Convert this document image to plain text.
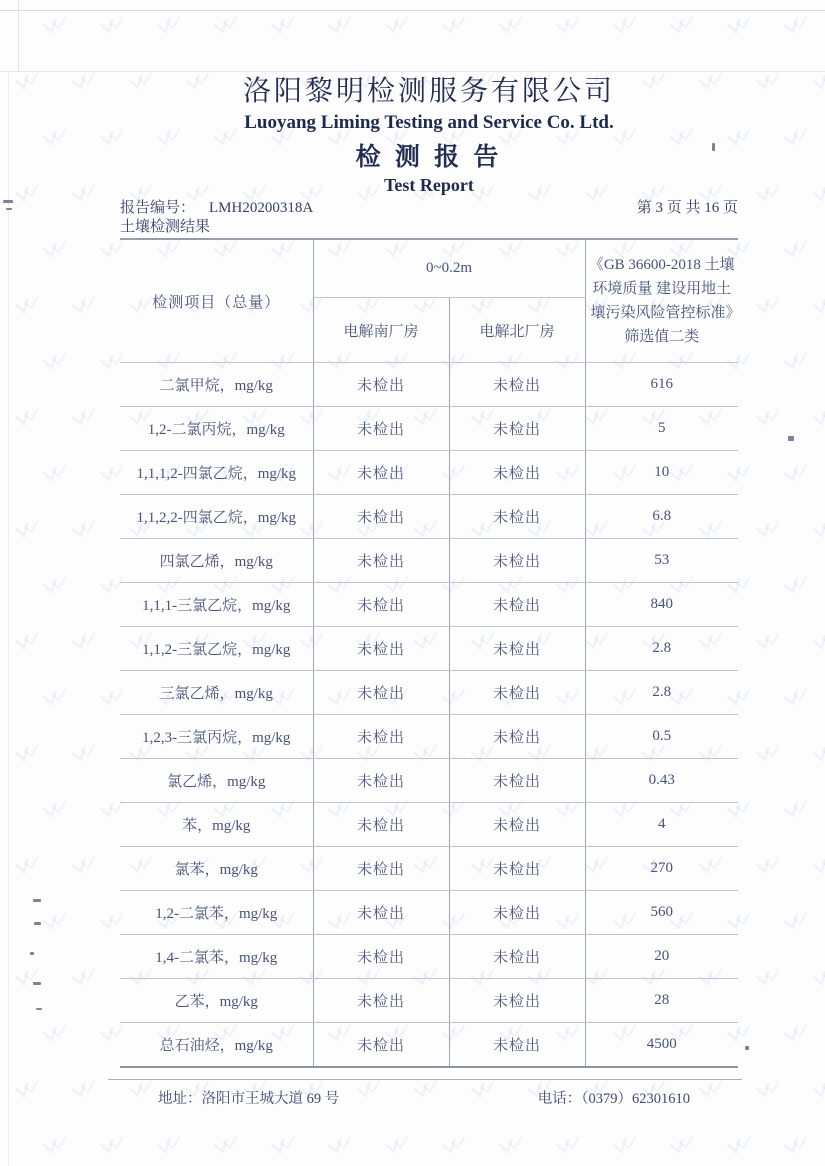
洛阳黎明检测服务有限公司
Luoyang Liming Testing and Service Co. Ltd.
检 测 报 告
Test Report
报告编号： LMH20200318A	第 3 页 共 16 页
土壤检测结果
检测项目（总量）	0~0.2m		《GB 36600-2018 土壤环境质量 建设用地土壤污染风险管控标准》筛选值二类
	电解南厂房	电解北厂房	
二氯甲烷，mg/kg	未检出	未检出	616
1,2-二氯丙烷，mg/kg	未检出	未检出	5
1,1,1,2-四氯乙烷，mg/kg	未检出	未检出	10
1,1,2,2-四氯乙烷，mg/kg	未检出	未检出	6.8
四氯乙烯，mg/kg	未检出	未检出	53
1,1,1-三氯乙烷，mg/kg	未检出	未检出	840
1,1,2-三氯乙烷，mg/kg	未检出	未检出	2.8
三氯乙烯，mg/kg	未检出	未检出	2.8
1,2,3-三氯丙烷，mg/kg	未检出	未检出	0.5
氯乙烯，mg/kg	未检出	未检出	0.43
苯，mg/kg	未检出	未检出	4
氯苯，mg/kg	未检出	未检出	270
1,2-二氯苯，mg/kg	未检出	未检出	560
1,4-二氯苯，mg/kg	未检出	未检出	20
乙苯，mg/kg	未检出	未检出	28
总石油烃，mg/kg	未检出	未检出	4500
地址：洛阳市王城大道 69 号	电话：（0379）62301610
